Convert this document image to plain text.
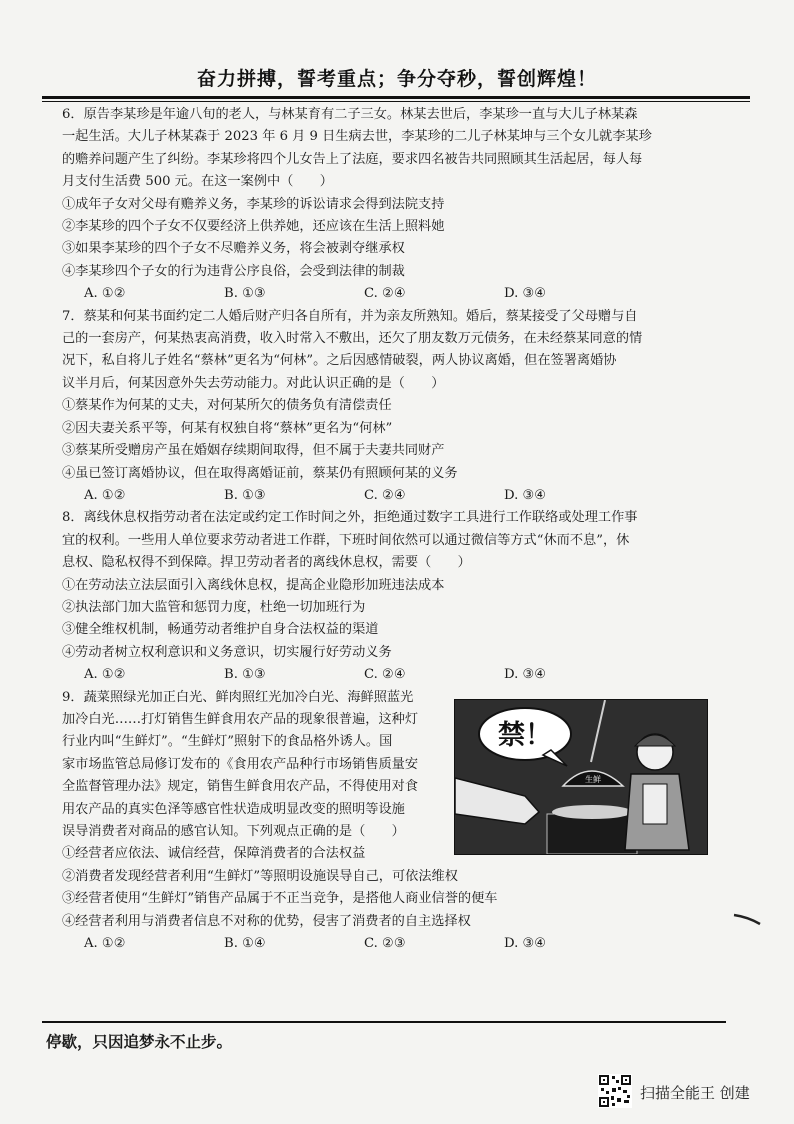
奋力拼搏，誓考重点；争分夺秒，誓创辉煌！

6．原告李某珍是年逾八旬的老人，与林某育有二子三女。林某去世后，李某珍一直与大儿子林某森

一起生活。大儿子林某森于 2023 年 6 月 9 日生病去世，李某珍的二儿子林某坤与三个女儿就李某珍

的赡养问题产生了纠纷。李某珍将四个儿女告上了法庭，要求四名被告共同照顾其生活起居，每人每

月支付生活费 500 元。在这一案例中（　　）

①成年子女对父母有赡养义务，李某珍的诉讼请求会得到法院支持

②李某珍的四个子女不仅要经济上供养她，还应该在生活上照料她

③如果李某珍的四个子女不尽赡养义务，将会被剥夺继承权

④李某珍四个子女的行为违背公序良俗，会受到法律的制裁

A. ①②	B. ①③	C. ②④	D. ③④

7．蔡某和何某书面约定二人婚后财产归各自所有，并为亲友所熟知。婚后，蔡某接受了父母赠与自

己的一套房产，何某热衷高消费，收入时常入不敷出，还欠了朋友数万元债务，在未经蔡某同意的情

况下，私自将儿子姓名“蔡林”更名为“何林”。之后因感情破裂，两人协议离婚，但在签署离婚协

议半月后，何某因意外失去劳动能力。对此认识正确的是（　　）

①蔡某作为何某的丈夫，对何某所欠的债务负有清偿责任

②因夫妻关系平等，何某有权独自将“蔡林”更名为“何林”

③蔡某所受赠房产虽在婚姻存续期间取得，但不属于夫妻共同财产

④虽已签订离婚协议，但在取得离婚证前，蔡某仍有照顾何某的义务

A. ①②	B. ①③	C. ②④	D. ③④

8．离线休息权指劳动者在法定或约定工作时间之外，拒绝通过数字工具进行工作联络或处理工作事

宜的权利。一些用人单位要求劳动者进工作群，下班时间依然可以通过微信等方式“休而不息”，休

息权、隐私权得不到保障。捍卫劳动者者的离线休息权，需要（　　）

①在劳动法立法层面引入离线休息权，提高企业隐形加班违法成本

②执法部门加大监管和惩罚力度，杜绝一切加班行为

③健全维权机制，畅通劳动者维护自身合法权益的渠道

④劳动者树立权利意识和义务意识，切实履行好劳动义务

A. ①②	B. ①③	C. ②④	D. ③④

9．蔬菜照绿光加正白光、鲜肉照红光加冷白光、海鲜照蓝光

加冷白光……打灯销售生鲜食用农产品的现象很普遍，这种灯

行业内叫“生鲜灯”。“生鲜灯”照射下的食品格外诱人。国

家市场监管总局修订发布的《食用农产品种行市场销售质量安

全监督管理办法》规定，销售生鲜食用农产品，不得使用对食

用农产品的真实色泽等感官性状造成明显改变的照明等设施

误导消费者对商品的感官认知。下列观点正确的是（　　）

禁！
生鲜

①经营者应依法、诚信经营，保障消费者的合法权益

②消费者发现经营者利用“生鲜灯”等照明设施误导自己，可依法维权

③经营者使用“生鲜灯”销售产品属于不正当竞争，是搭他人商业信誉的便车

④经营者利用与消费者信息不对称的优势，侵害了消费者的自主选择权

A. ①②	B. ①④	C. ②③	D. ③④
停歇，只因追梦永不止步。
扫描全能王 创建
